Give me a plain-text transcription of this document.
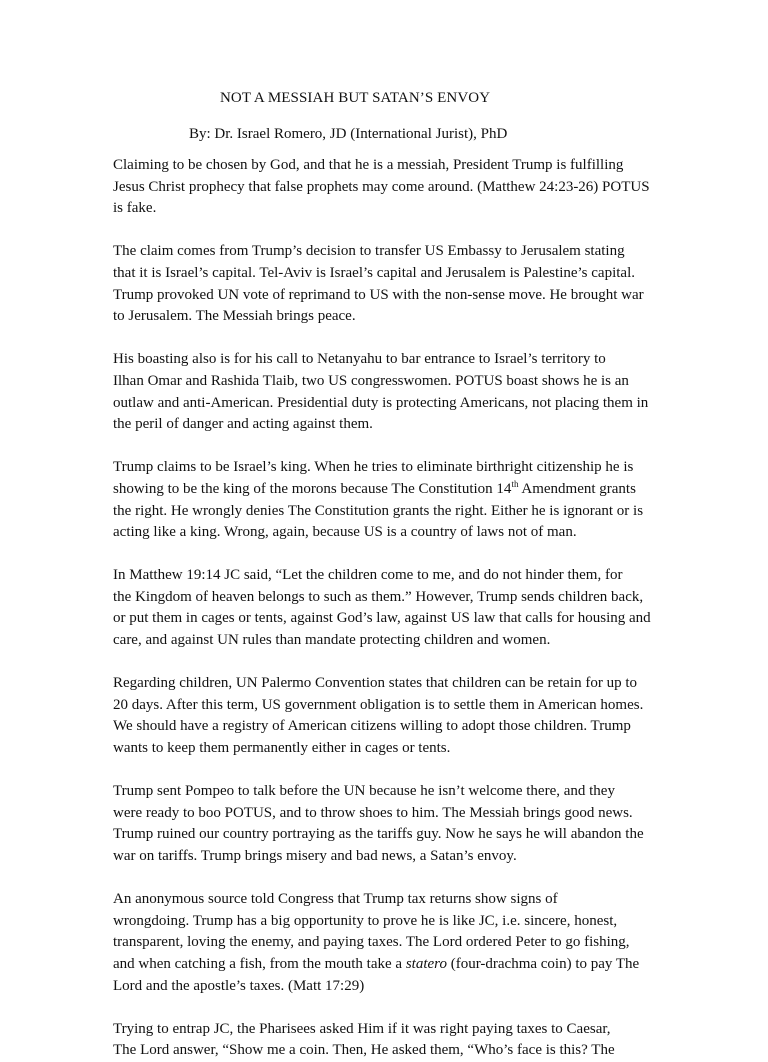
NOT A MESSIAH BUT SATAN’S ENVOY
By: Dr. Israel Romero, JD (International Jurist), PhD

Claiming to be chosen by God, and that he is a messiah, President Trump is fulfilling
Jesus Christ prophecy that false prophets may come around. (Matthew 24:23-26) POTUS
is fake.

The claim comes from Trump’s decision to transfer US Embassy to Jerusalem stating
that it is Israel’s capital. Tel-Aviv is Israel’s capital and Jerusalem is Palestine’s capital.
Trump provoked UN vote of reprimand to US with the non-sense move. He brought war
to Jerusalem. The Messiah brings peace.

His boasting also is for his call to Netanyahu to bar entrance to Israel’s territory to
Ilhan Omar and Rashida Tlaib, two US congresswomen. POTUS boast shows he is an
outlaw and anti-American. Presidential duty is protecting Americans, not placing them in
the peril of danger and acting against them.

Trump claims to be Israel’s king. When he tries to eliminate birthright citizenship he is
showing to be the king of the morons because The Constitution 14th Amendment grants
the right. He wrongly denies The Constitution grants the right. Either he is ignorant or is
acting like a king. Wrong, again, because US is a country of laws not of man.

In Matthew 19:14 JC said, “Let the children come to me, and do not hinder them, for
the Kingdom of heaven belongs to such as them.” However, Trump sends children back,
or put them in cages or tents, against God’s law, against US law that calls for housing and
care, and against UN rules than mandate protecting children and women.

Regarding children, UN Palermo Convention states that children can be retain for up to
20 days. After this term, US government obligation is to settle them in American homes.
We should have a registry of American citizens willing to adopt those children. Trump
wants to keep them permanently either in cages or tents.

Trump sent Pompeo to talk before the UN because he isn’t welcome there, and they
were ready to boo POTUS, and to throw shoes to him. The Messiah brings good news.
Trump ruined our country portraying as the tariffs guy. Now he says he will abandon the
war on tariffs. Trump brings misery and bad news, a Satan’s envoy.

An anonymous source told Congress that Trump tax returns show signs of
wrongdoing. Trump has a big opportunity to prove he is like JC, i.e. sincere, honest,
transparent, loving the enemy, and paying taxes. The Lord ordered Peter to go fishing,
and when catching a fish, from the mouth take a statero (four-drachma coin) to pay The
Lord and the apostle’s taxes. (Matt 17:29)

Trying to entrap JC, the Pharisees asked Him if it was right paying taxes to Caesar,
The Lord answer, “Show me a coin. Then, He asked them, “Who’s face is this? The
